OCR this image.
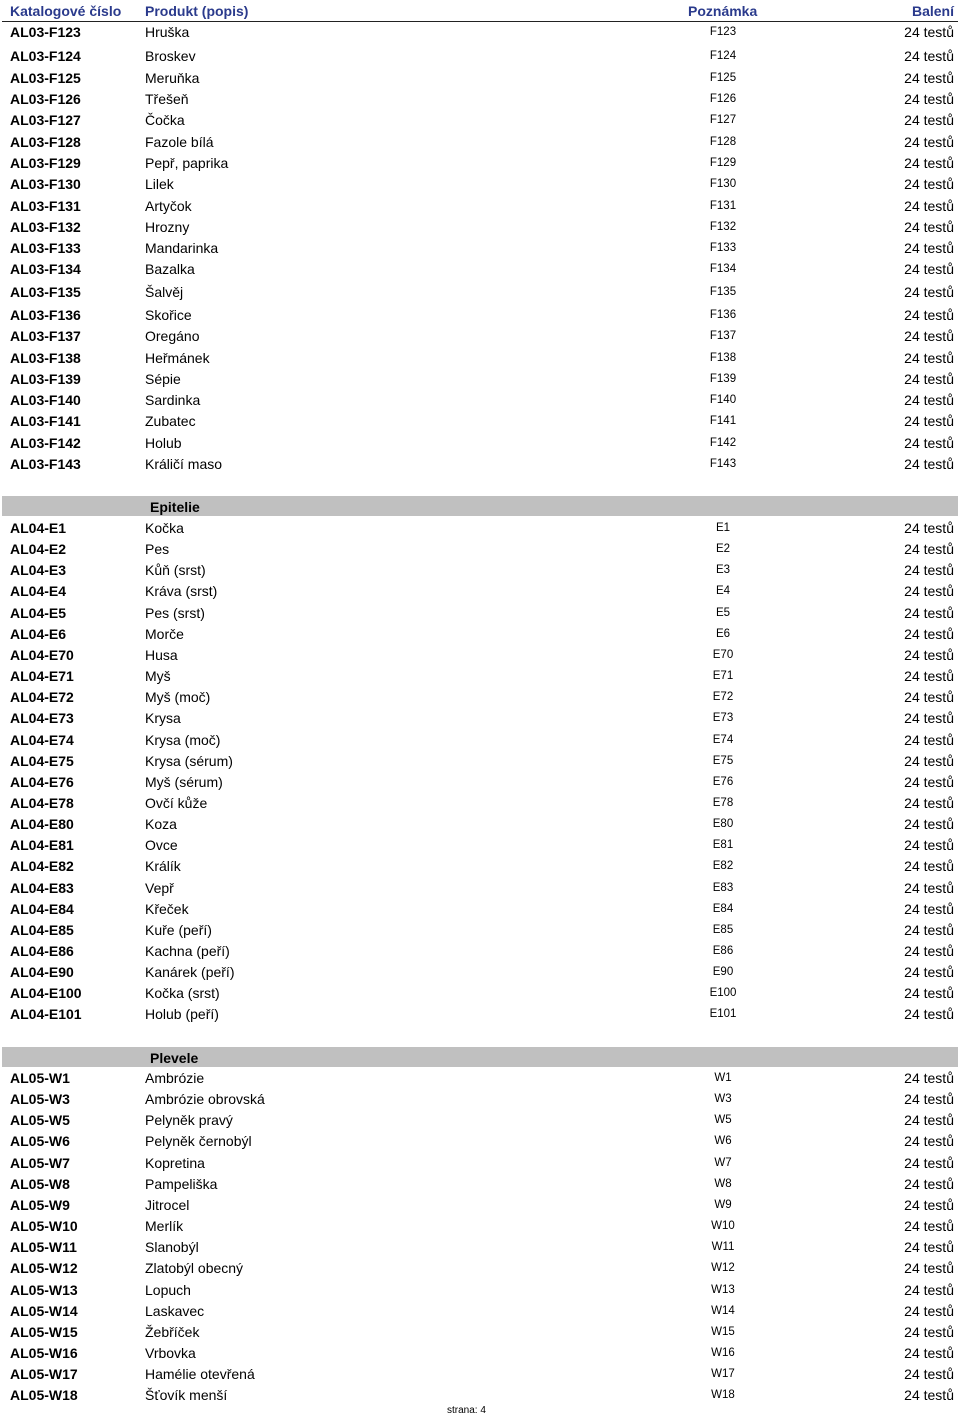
Katalogové číslo Produkt (popis)	Poznámka	Balení
AL03-F123	Hruška	F123	24 testů
AL03-F124	Broskev	F124	24 testů
AL03-F125	Meruňka	F125	24 testů
AL03-F126	Třešeň	F126	24 testů
AL03-F127	Čočka	F127	24 testů
AL03-F128	Fazole bílá	F128	24 testů
AL03-F129	Pepř, paprika	F129	24 testů
AL03-F130	Lilek	F130	24 testů
AL03-F131	Artyčok	F131	24 testů
AL03-F132	Hrozny	F132	24 testů
AL03-F133	Mandarinka	F133	24 testů
AL03-F134	Bazalka	F134	24 testů
AL03-F135	Šalvěj	F135	24 testů
AL03-F136	Skořice	F136	24 testů
AL03-F137	Oregáno	F137	24 testů
AL03-F138	Heřmánek	F138	24 testů
AL03-F139	Sépie	F139	24 testů
AL03-F140	Sardinka	F140	24 testů
AL03-F141	Zubatec	F141	24 testů
AL03-F142	Holub	F142	24 testů
AL03-F143	Králičí maso	F143	24 testů
Epitelie
AL04-E1	Kočka	E1	24 testů
AL04-E2	Pes	E2	24 testů
AL04-E3	Kůň (srst)	E3	24 testů
AL04-E4	Kráva (srst)	E4	24 testů
AL04-E5	Pes (srst)	E5	24 testů
AL04-E6	Morče	E6	24 testů
AL04-E70	Husa	E70	24 testů
AL04-E71	Myš	E71	24 testů
AL04-E72	Myš (moč)	E72	24 testů
AL04-E73	Krysa	E73	24 testů
AL04-E74	Krysa (moč)	E74	24 testů
AL04-E75	Krysa (sérum)	E75	24 testů
AL04-E76	Myš (sérum)	E76	24 testů
AL04-E78	Ovčí kůže	E78	24 testů
AL04-E80	Koza	E80	24 testů
AL04-E81	Ovce	E81	24 testů
AL04-E82	Králík	E82	24 testů
AL04-E83	Vepř	E83	24 testů
AL04-E84	Křeček	E84	24 testů
AL04-E85	Kuře (peří)	E85	24 testů
AL04-E86	Kachna (peří)	E86	24 testů
AL04-E90	Kanárek (peří)	E90	24 testů
AL04-E100	Kočka (srst)	E100	24 testů
AL04-E101	Holub (peří)	E101	24 testů
Plevele
AL05-W1	Ambrózie	W1	24 testů
AL05-W3	Ambrózie obrovská	W3	24 testů
AL05-W5	Pelyněk pravý	W5	24 testů
AL05-W6	Pelyněk černobýl	W6	24 testů
AL05-W7	Kopretina	W7	24 testů
AL05-W8	Pampeliška	W8	24 testů
AL05-W9	Jitrocel	W9	24 testů
AL05-W10	Merlík	W10	24 testů
AL05-W11	Slanobýl	W11	24 testů
AL05-W12	Zlatobýl obecný	W12	24 testů
AL05-W13	Lopuch	W13	24 testů
AL05-W14	Laskavec	W14	24 testů
AL05-W15	Žebříček	W15	24 testů
AL05-W16	Vrbovka	W16	24 testů
AL05-W17	Hamélie otevřená	W17	24 testů
AL05-W18	Šťovík menší	W18	24 testů
strana: 4
